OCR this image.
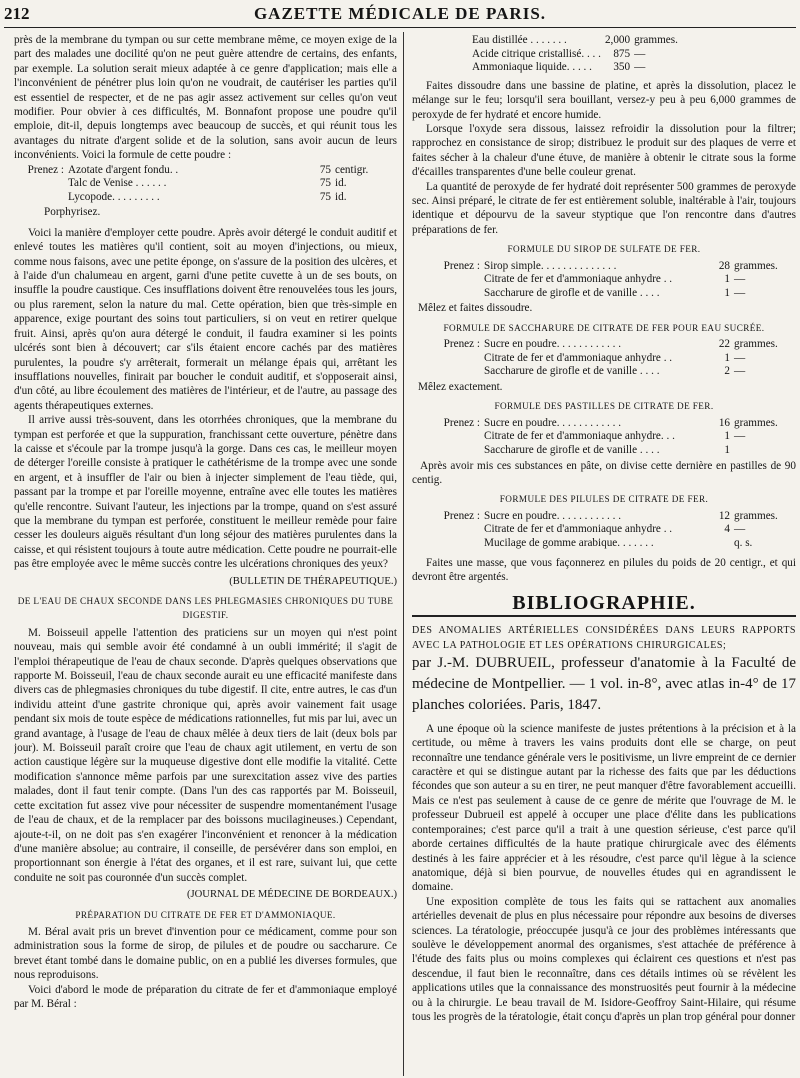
212	GAZETTE MÉDICALE DE PARIS.

près de la membrane du tympan ou sur cette membrane même, ce moyen exige de la part des malades une docilité qu'on ne peut guère attendre de certains, des enfants, par exemple. La solution serait mieux adaptée à ce genre d'application; mais elle a l'inconvénient de pénétrer plus loin qu'on ne voudrait, de cautériser les parties qu'il est essentiel de respecter, et de ne pas agir assez activement sur celles qu'on veut modifier. Pour obvier à ces difficultés, M. Bonnafont propose une poudre qu'il emploie, dit-il, depuis longtemps avec beaucoup de succès, et qui réunit tous les avantages du nitrate d'argent solide et de la solution, sans avoir aucun de leurs inconvénients. Voici la formule de cette poudre :

Prenez :	Azotate d'argent fondu. .	75	centigr.
	Talc de Venise . . . . . .	75	id.
	Lycopode. . . . . . . . .	75	id.
Porphyrisez.

Voici la manière d'employer cette poudre. Après avoir détergé le conduit auditif et enlevé toutes les matières qu'il contient, soit au moyen d'injections, ou mieux, comme nous faisons, avec une petite éponge, on s'assure de la position des ulcères, et à l'aide d'un chalumeau en argent, garni d'une petite cuvette à un de ses bouts, on insuffle la poudre caustique. Ces insufflations doivent être renouvelées tous les jours, ou plus rarement, selon la nature du mal. Cette opération, bien que très-simple en apparence, exige pourtant des soins tout particuliers, si on veut en retirer quelque fruit. Ainsi, après qu'on aura détergé le conduit, il faudra examiner si les points ulcérés sont bien à découvert; car s'ils étaient encore cachés par des matières purulentes, la poudre s'y arrêterait, formerait un mélange épais qui, arrêtant les insufflations nouvelles, finirait par boucher le conduit auditif, et s'opposerait ainsi, d'un côté, au libre écoulement des matières de l'intérieur, et de l'autre, au passage des agents thérapeutiques externes.

Il arrive aussi très-souvent, dans les otorrhées chroniques, que la membrane du tympan est perforée et que la suppuration, franchissant cette ouverture, pénètre dans la caisse et s'écoule par la trompe jusqu'à la gorge. Dans ces cas, le meilleur moyen de déterger l'oreille consiste à pratiquer le cathétérisme de la trompe avec une sonde en argent, et à insuffler de l'air ou bien à injecter simplement de l'eau tiède, qui, passant par la trompe et par l'oreille moyenne, entraîne avec elle toutes les matières qu'elle rencontre. Suivant l'auteur, les injections par la trompe, quand on s'est assuré que la membrane du tympan est perforée, constituent le meilleur remède pour faire cesser les douleurs aiguës résultant d'un long séjour des matières purulentes dans la caisse, et qui résistent toujours à toute autre médication. Cette poudre ne pourrait-elle pas être employée avec le même succès contre les ulcérations chroniques des yeux?

(BULLETIN DE THÉRAPEUTIQUE.)
DE L'EAU DE CHAUX SECONDE DANS LES PHLEGMASIES CHRONIQUES DU TUBE DIGESTIF.

M. Boisseuil appelle l'attention des praticiens sur un moyen qui n'est point nouveau, mais qui semble avoir été condamné à un oubli immérité; il s'agit de l'emploi thérapeutique de l'eau de chaux seconde. D'après quelques observations que rapporte M. Boisseuil, l'eau de chaux seconde aurait eu une efficacité manifeste dans divers cas de phlegmasies chroniques du tube digestif. Il cite, entre autres, le cas d'un individu atteint d'une gastrite chronique qui, après avoir vainement fait usage pendant six mois de toute espèce de médications rationnelles, fut mis par lui, avec un grand avantage, à l'usage de l'eau de chaux mêlée à deux tiers de lait (deux bols par jour). M. Boisseuil paraît croire que l'eau de chaux agit utilement, en vertu de son action caustique légère sur la muqueuse digestive dont elle modifie la vitalité. Cette modification s'annonce même parfois par une surexcitation assez vive des parties malades, dont il faut tenir compte. (Dans l'un des cas rapportés par M. Boisseuil, cette excitation fut assez vive pour nécessiter de suspendre momentanément l'usage de l'eau de chaux, et de la remplacer par des boissons mucilagineuses.) Cependant, ajoute-t-il, on ne doit pas s'en exagérer l'inconvénient et renoncer à la médication d'une manière absolue; au contraire, il conseille, de persévérer dans son emploi, en proportionnant son énergie à l'état des organes, et il est rare, suivant lui, que cette conduite ne soit pas couronnée d'un succès complet.

(JOURNAL DE MÉDECINE DE BORDEAUX.)
PRÉPARATION DU CITRATE DE FER ET D'AMMONIAQUE.

M. Béral avait pris un brevet d'invention pour ce médicament, comme pour son administration sous la forme de sirop, de pilules et de poudre ou saccharure. Ce brevet étant tombé dans le domaine public, on en a publié les diverses formules, que nous reproduisons.

Voici d'abord le mode de préparation du citrate de fer et d'ammoniaque employé par M. Béral :

Eau distillée . . . . . . .	2,000	grammes.
Acide citrique cristallisé. . . .	875	—
Ammoniaque liquide. . . . .	350	—

Faites dissoudre dans une bassine de platine, et après la dissolution, placez le mélange sur le feu; lorsqu'il sera bouillant, versez-y peu à peu 6,000 grammes de peroxyde de fer hydraté et encore humide.

Lorsque l'oxyde sera dissous, laissez refroidir la dissolution pour la filtrer; rapprochez en consistance de sirop; distribuez le produit sur des plaques de verre et faites sécher à la chaleur d'une étuve, de manière à obtenir le citrate sous la forme d'écailles transparentes d'une belle couleur grenat.

La quantité de peroxyde de fer hydraté doit représenter 500 grammes de peroxyde sec. Ainsi préparé, le citrate de fer est entièrement soluble, inaltérable à l'air, toujours identique et dépourvu de la saveur styptique que l'on rencontre dans d'autres préparations de fer.

FORMULE DU SIROP DE SULFATE DE FER.
Prenez :	Sirop simple. . . . . . . . . . . . . .	28	grammes.
	Citrate de fer et d'ammoniaque anhydre . .	1	—
	Saccharure de girofle et de vanille . . . .	1	—
Mêlez et faites dissoudre.
FORMULE DE SACCHARURE DE CITRATE DE FER POUR EAU SUCRÉE.
Prenez :	Sucre en poudre. . . . . . . . . . . .	22	grammes.
	Citrate de fer et d'ammoniaque anhydre . .	1	—
	Saccharure de girofle et de vanille . . . .	2	—
Mêlez exactement.
FORMULE DES PASTILLES DE CITRATE DE FER.
Prenez :	Sucre en poudre. . . . . . . . . . . .	16	grammes.
	Citrate de fer et d'ammoniaque anhydre. . .	1	—
	Saccharure de girofle et de vanille . . . .	1	

Après avoir mis ces substances en pâte, on divise cette dernière en pastilles de 90 centig.

FORMULE DES PILULES DE CITRATE DE FER.
Prenez :	Sucre en poudre. . . . . . . . . . . .	12	grammes.
	Citrate de fer et d'ammoniaque anhydre . .	4	—
	Mucilage de gomme arabique. . . . . . .		q. s.

Faites une masse, que vous façonnerez en pilules du poids de 20 centigr., et qui devront être argentés.

BIBLIOGRAPHIE.

DES ANOMALIES ARTÉRIELLES CONSIDÉRÉES DANS LEURS RAPPORTS AVEC LA PATHOLOGIE ET LES OPÉRATIONS CHIRURGICALES;

par J.-M. DUBRUEIL, professeur d'anatomie à la Faculté de médecine de Montpellier. — 1 vol. in-8°, avec atlas in-4° de 17 planches coloriées. Paris, 1847.

A une époque où la science manifeste de justes prétentions à la précision et à la certitude, ou même à travers les vains produits dont elle se charge, on peut reconnaître une tendance générale vers le positivisme, un livre empreint de ce dernier caractère et qui se distingue autant par la richesse des faits que par les déductions fécondes que son auteur a su en tirer, ne peut manquer d'être favorablement accueilli. Mais ce n'est pas seulement à cause de ce genre de mérite que l'ouvrage de M. le professeur Dubrueil est appelé à occuper une place d'élite dans les publications contemporaines; c'est parce qu'il a trait à une question sérieuse, c'est parce qu'il aborde certaines difficultés de la haute pratique chirurgicale avec des éléments destinés à les faire apprécier et à les résoudre, c'est parce qu'il lègue à la science anatomique, déjà si bien pourvue, de nouvelles études qui en agrandissent le domaine.

Une exposition complète de tous les faits qui se rattachent aux anomalies artérielles devenait de plus en plus nécessaire pour répondre aux besoins de diverses sciences. La tératologie, préoccupée jusqu'à ce jour des problèmes intéressants que soulève le développement anormal des organismes, s'est attachée de préférence à l'étude des faits plus ou moins complexes qui éclairent ces questions et n'est pas descendue, il faut bien le reconnaître, dans ces détails intimes où se révèlent les applications utiles que la connaissance des monstruosités peut fournir à la médecine ou à la chirurgie. Le beau travail de M. Isidore-Geoffroy Saint-Hilaire, qui résume tous les progrès de la tératologie, était conçu d'après un plan trop général pour donner
